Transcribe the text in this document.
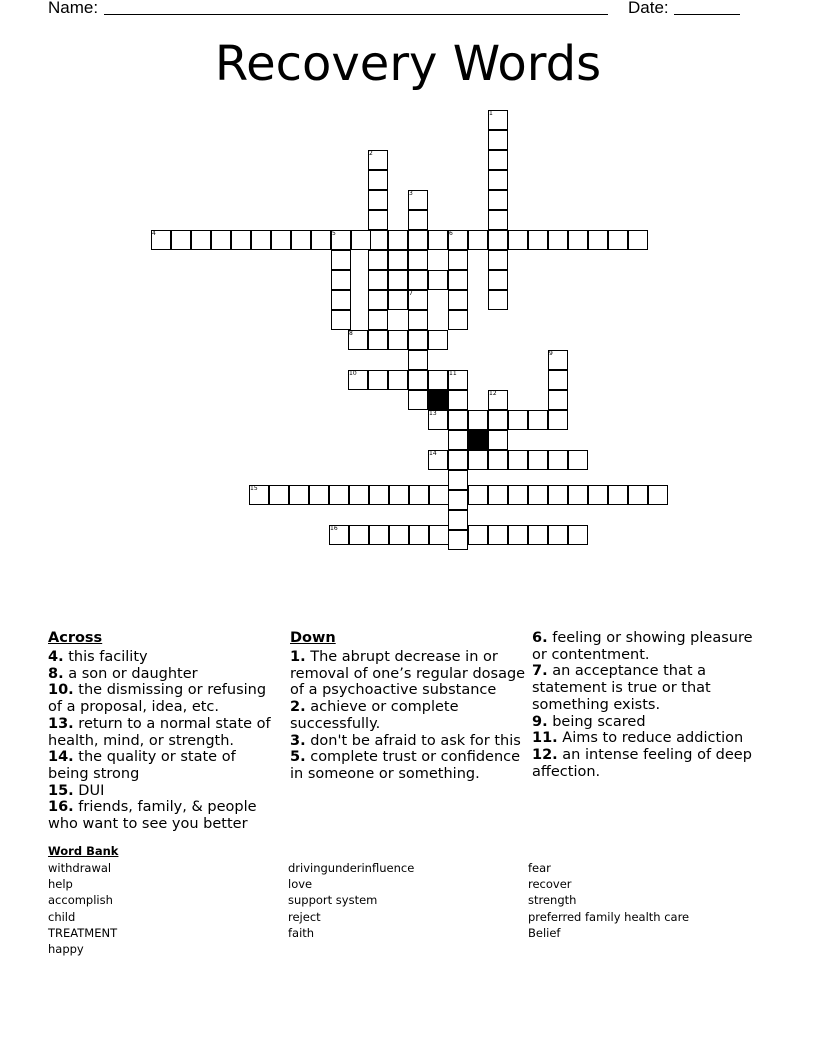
Name:	Date:
Recovery Words
1
2
3
4	5	6
7
8
9
10	11
12
13
14
15
16
Across
4. this facility
8. a son or daughter
10. the dismissing or refusing of a proposal, idea, etc.
13. return to a normal state of health, mind, or strength.
14. the quality or state of being strong
15. DUI
16. friends, family, & people who want to see you better
Down
1. The abrupt decrease in or removal of one’s regular dosage of a psychoactive substance
2. achieve or complete successfully.
3. don't be afraid to ask for this
5. complete trust or confidence in someone or something.
6. feeling or showing pleasure or contentment.
7. an acceptance that a statement is true or that something exists.
9. being scared
11. Aims to reduce addiction
12. an intense feeling of deep affection.
Word Bank
withdrawal
help
accomplish
child
TREATMENT
happy
drivingunderinfluence
love
support system
reject
faith
fear
recover
strength
preferred family health care
Belief
